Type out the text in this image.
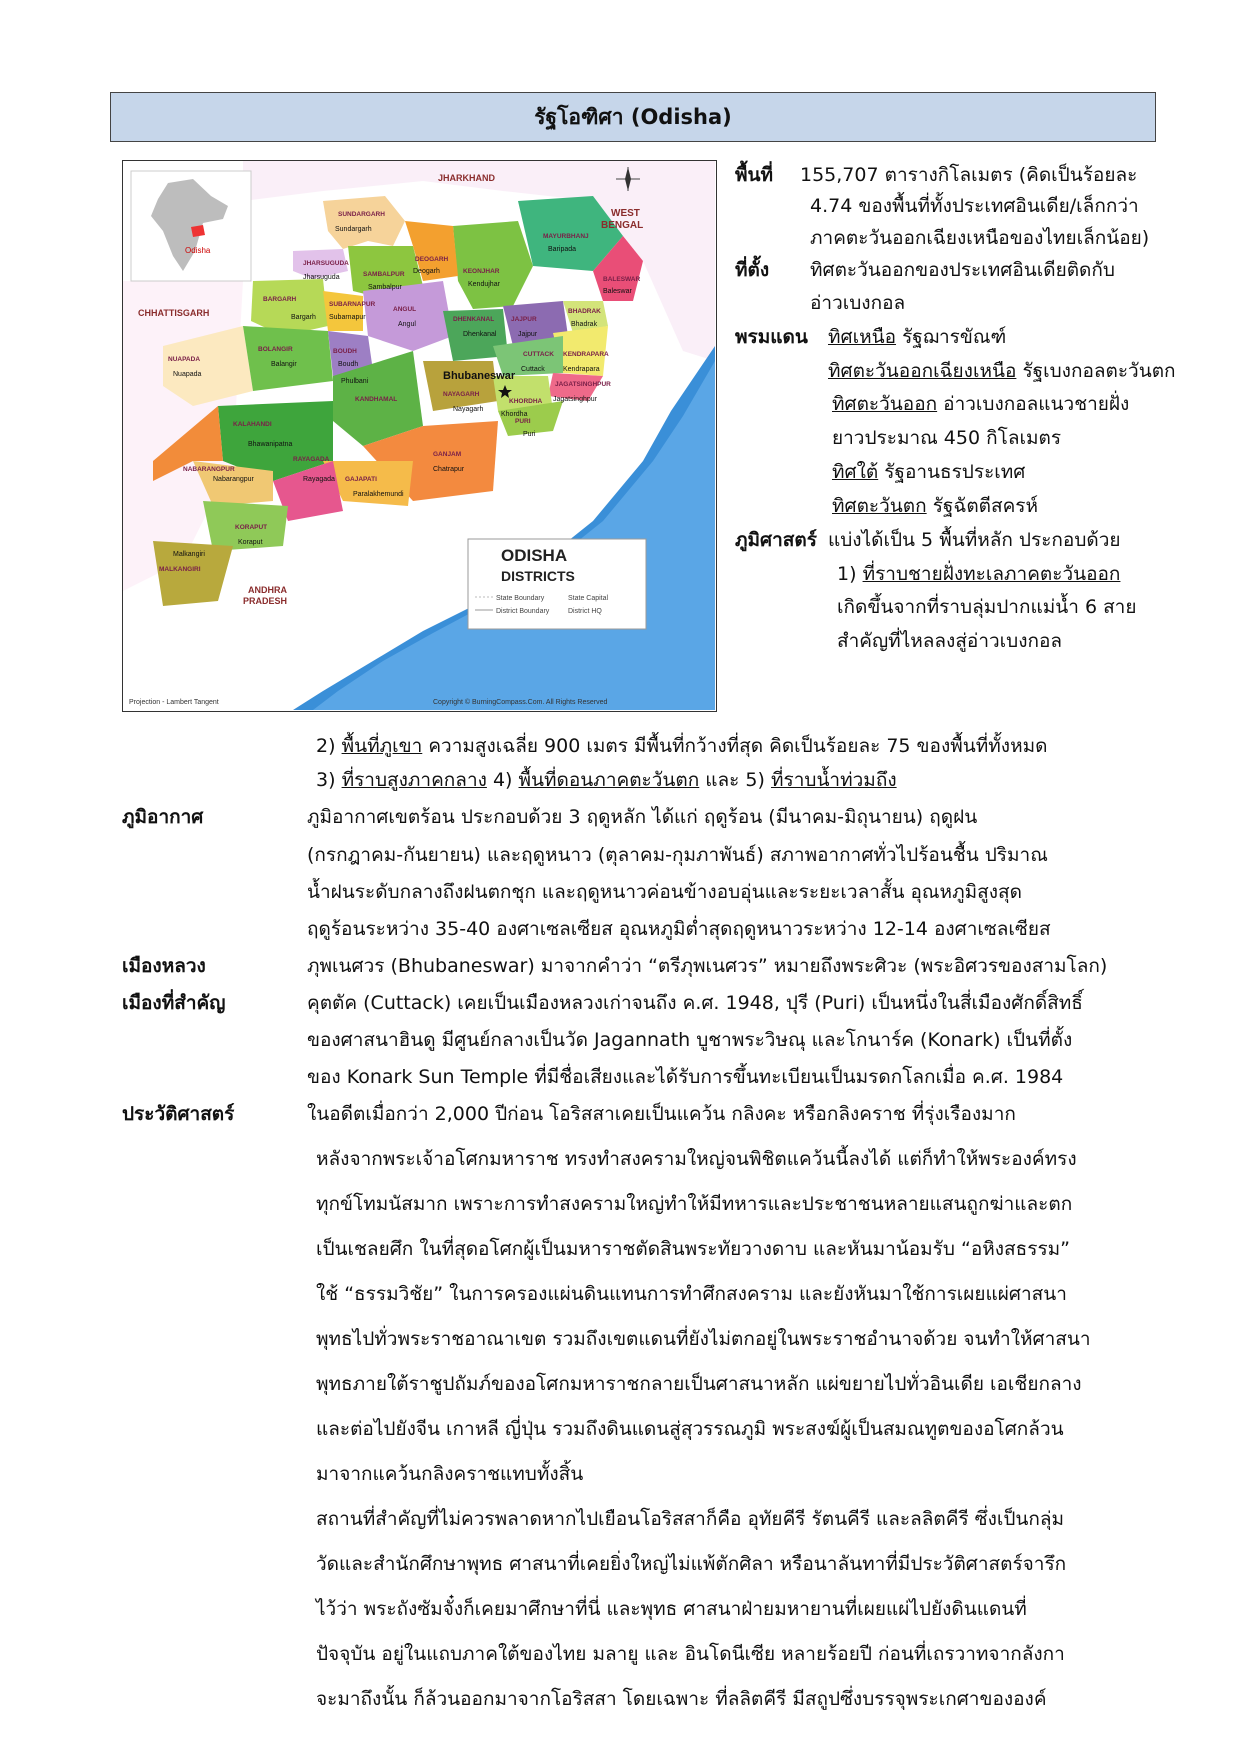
รัฐโอฑิศา (Odisha)
Odisha
JHARKHAND
WEST
BENGAL
CHHATTISGARH
ANDHRA
PRADESH
Bhubaneswar
ODISHA
DISTRICTS
State Boundary
District Boundary
State Capital
District HQ
Projection - Lambert Tangent	Copyright © BurningCompass.Com. All Rights Reserved
SUNDARGARH
JHARSUGUDA
SAMBALPUR
DEOGARH
KEONJHAR
MAYURBHANJ
BALESWAR
BARGARH
SUBARNAPUR
ANGUL
DHENKANAL	JAJPUR
BHADRAK
NUAPADA
BOLANGIR	BOUDH	CUTTACK KENDRAPARA
JAGATSINGHPUR
KALAHANDI
KANDHAMAL
NAYAGARH
KHORDHA
PURI
NABARANGPUR
RAYAGADA
GANJAM
GAJAPATI
KORAPUT
MALKANGIRI
Sundargarh
Jharsuguda
Sambalpur
Deogarh
Kendujhar
Baripada
Baleswar
Bargarh Subarnapur
Angul
Dhenkanal	Jajpur
Bhadrak
Nuapada
Balangir	Boudh
Phulbani
Cuttack	Kendrapara
Jagatsinghpur
Bhawanipatna
Nayagarh
Khordha
Puri
Nabarangpur	Rayagada
Chatrapur
Paralakhemundi
Koraput
Malkangiri
พื้นที่ 155,707 ตารางกิโลเมตร (คิดเป็นร้อยละ
4.74 ของพื้นที่ทั้งประเทศอินเดีย/เล็กกว่า
ภาคตะวันออกเฉียงเหนือของไทยเล็กน้อย)
ที่ตั้ง ทิศตะวันออกของประเทศอินเดียติดกับ
อ่าวเบงกอล
พรมแดน ทิศเหนือ รัฐฌารขัณฑ์
ทิศตะวันออกเฉียงเหนือ รัฐเบงกอลตะวันตก
ทิศตะวันออก อ่าวเบงกอลแนวชายฝั่ง
ยาวประมาณ 450 กิโลเมตร
ทิศใต้ รัฐอานธรประเทศ
ทิศตะวันตก รัฐฉัตตีสครห์
ภูมิศาสตร์ แบ่งได้เป็น 5 พื้นที่หลัก ประกอบด้วย
1) ที่ราบชายฝั่งทะเลภาคตะวันออก
เกิดขึ้นจากที่ราบลุ่มปากแม่น้ำ 6 สาย
สำคัญที่ไหลลงสู่อ่าวเบงกอล
2) พื้นที่ภูเขา ความสูงเฉลี่ย 900 เมตร มีพื้นที่กว้างที่สุด คิดเป็นร้อยละ 75 ของพื้นที่ทั้งหมด
3) ที่ราบสูงภาคกลาง 4) พื้นที่ดอนภาคตะวันตก และ 5) ที่ราบน้ำท่วมถึง
ภูมิอากาศ	ภูมิอากาศเขตร้อน ประกอบด้วย 3 ฤดูหลัก ได้แก่ ฤดูร้อน (มีนาคม-มิถุนายน) ฤดูฝน
(กรกฎาคม-กันยายน) และฤดูหนาว (ตุลาคม-กุมภาพันธ์) สภาพอากาศทั่วไปร้อนชื้น ปริมาณ
น้ำฝนระดับกลางถึงฝนตกชุก และฤดูหนาวค่อนข้างอบอุ่นและระยะเวลาสั้น อุณหภูมิสูงสุด
ฤดูร้อนระหว่าง 35-40 องศาเซลเซียส อุณหภูมิต่ำสุดฤดูหนาวระหว่าง 12-14 องศาเซลเซียส
เมืองหลวง	ภุพเนศวร (Bhubaneswar) มาจากคำว่า “ตรีภุพเนศวร” หมายถึงพระศิวะ (พระอิศวรของสามโลก)
เมืองที่สำคัญ	คุตตัค (Cuttack) เคยเป็นเมืองหลวงเก่าจนถึง ค.ศ. 1948, ปุรี (Puri) เป็นหนึ่งในสี่เมืองศักดิ์สิทธิ์
ของศาสนาฮินดู มีศูนย์กลางเป็นวัด Jagannath บูชาพระวิษณุ และโกนาร์ค (Konark) เป็นที่ตั้ง
ของ Konark Sun Temple ที่มีชื่อเสียงและได้รับการขึ้นทะเบียนเป็นมรดกโลกเมื่อ ค.ศ. 1984
ประวัติศาสตร์	ในอดีตเมื่อกว่า 2,000 ปีก่อน โอริสสาเคยเป็นแคว้น กลิงคะ หรือกลิงคราช ที่รุ่งเรืองมาก
หลังจากพระเจ้าอโศกมหาราช ทรงทำสงครามใหญ่จนพิชิตแคว้นนี้ลงได้ แต่ก็ทำให้พระองค์ทรง
ทุกข์โทมนัสมาก เพราะการทำสงครามใหญ่ทำให้มีทหารและประชาชนหลายแสนถูกฆ่าและตก
เป็นเชลยศึก ในที่สุดอโศกผู้เป็นมหาราชตัดสินพระทัยวางดาบ และหันมาน้อมรับ “อหิงสธรรม”
ใช้ “ธรรมวิชัย” ในการครองแผ่นดินแทนการทำศึกสงคราม และยังหันมาใช้การเผยแผ่ศาสนา
พุทธไปทั่วพระราชอาณาเขต รวมถึงเขตแดนที่ยังไม่ตกอยู่ในพระราชอำนาจด้วย จนทำให้ศาสนา
พุทธภายใต้ราชูปถัมภ์ของอโศกมหาราชกลายเป็นศาสนาหลัก แผ่ขยายไปทั่วอินเดีย เอเชียกลาง
และต่อไปยังจีน เกาหลี ญี่ปุ่น รวมถึงดินแดนสู่สุวรรณภูมิ พระสงฆ์ผู้เป็นสมณทูตของอโศกล้วน
มาจากแคว้นกลิงคราชแทบทั้งสิ้น
สถานที่สำคัญที่ไม่ควรพลาดหากไปเยือนโอริสสาก็คือ อุทัยคีรี รัตนคีรี และลลิตคีรี ซึ่งเป็นกลุ่ม
วัดและสำนักศึกษาพุทธ ศาสนาที่เคยยิ่งใหญ่ไม่แพ้ตักศิลา หรือนาลันทาที่มีประวัติศาสตร์จารึก
ไว้ว่า พระถังซัมจั๋งก็เคยมาศึกษาที่นี่ และพุทธ ศาสนาฝ่ายมหายานที่เผยแผ่ไปยังดินแดนที่
ปัจจุบัน อยู่ในแถบภาคใต้ของไทย มลายู และ อินโดนีเซีย หลายร้อยปี ก่อนที่เถรวาทจากลังกา
จะมาถึงนั้น ก็ล้วนออกมาจากโอริสสา โดยเฉพาะ ที่ลลิตคีรี มีสถูปซึ่งบรรจุพระเกศาขององค์
